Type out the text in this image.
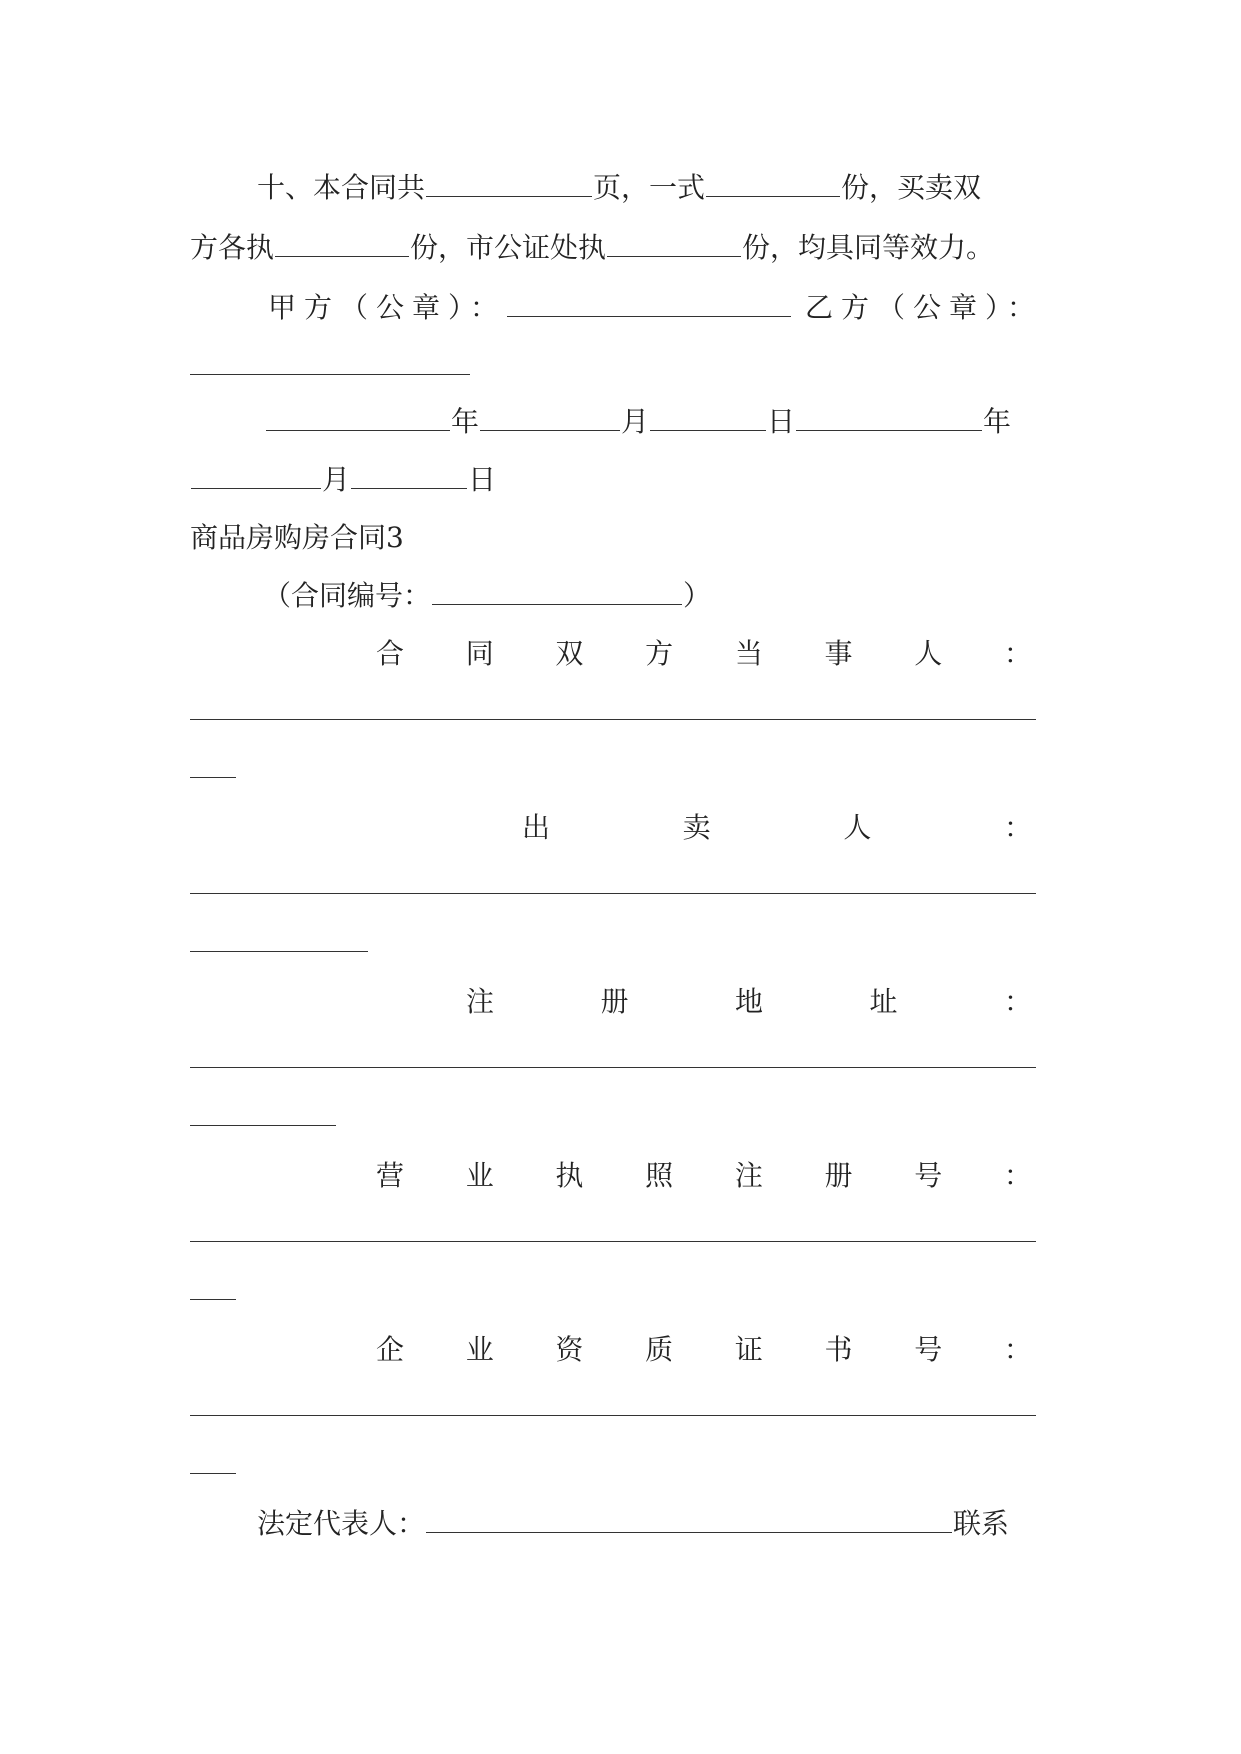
十、本合同共	页，一式	份，买卖双
方各执	份，市公证处执	份，均具同等效力。
甲方（公章）：	乙方（公章）：
年	月	日	年
月	日
商品房购房合同3
（合同编号：	）
合 同 双 方 当 事 人 ：
出	卖	人	：
注	册	地	址	：
营 业 执 照 注 册 号 ：
企 业 资 质 证 书 号 ：
法定代表人：	联系
